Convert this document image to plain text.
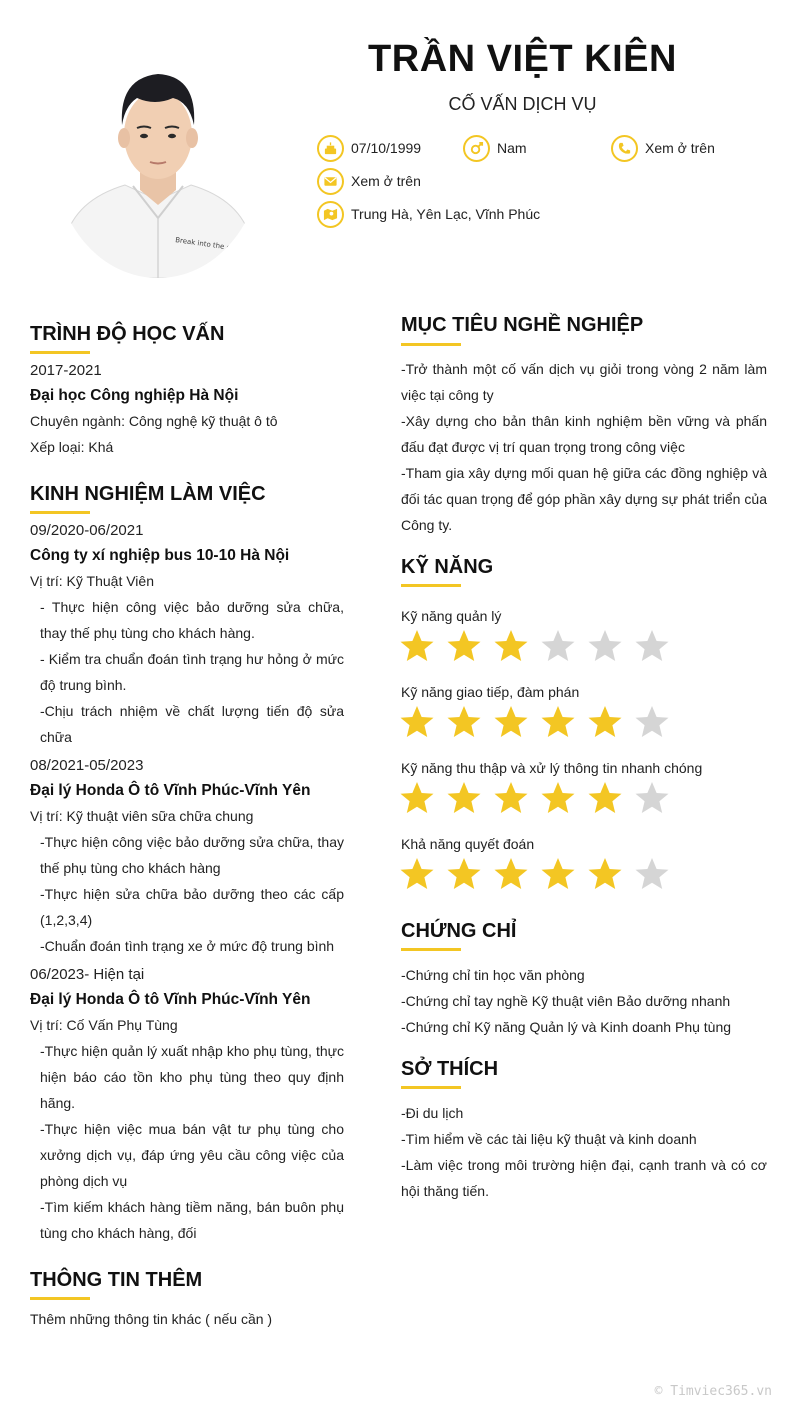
Break into the city
TRẦN VIỆT KIÊN
CỐ VẤN DỊCH VỤ
07/10/1999	Nam	Xem ở trên
Xem ở trên
Trung Hà, Yên Lạc, Vĩnh Phúc
TRÌNH ĐỘ HỌC VẤN
2017-2021
Đại học Công nghiệp Hà Nội
Chuyên ngành: Công nghệ kỹ thuật ô tô
Xếp loại: Khá
KINH NGHIỆM LÀM VIỆC
09/2020-06/2021
Công ty xí nghiệp bus 10-10 Hà Nội
Vị trí: Kỹ Thuật Viên
- Thực hiện công việc bảo dưỡng sửa chữa, thay thế phụ tùng cho khách hàng.
- Kiểm tra chuẩn đoán tình trạng hư hỏng ở mức độ trung bình.
-Chịu trách nhiệm về chất lượng tiến độ sửa chữa
08/2021-05/2023
Đại lý Honda Ô tô Vĩnh Phúc-Vĩnh Yên
Vị trí: Kỹ thuật viên sữa chữa chung
-Thực hiện công việc bảo dưỡng sửa chữa, thay thế phụ tùng cho khách hàng
-Thực hiện sửa chữa bảo dưỡng theo các cấp (1,2,3,4)
-Chuẩn đoán tình trạng xe ở mức độ trung bình
06/2023- Hiện tại
Đại lý Honda Ô tô Vĩnh Phúc-Vĩnh Yên
Vị trí: Cố Vấn Phụ Tùng
-Thực hiện quản lý xuất nhập kho phụ tùng, thực hiện báo cáo tồn kho phụ tùng theo quy định hãng.
-Thực hiện việc mua bán vật tư phụ tùng cho xưởng dịch vụ, đáp ứng yêu cầu công việc của phòng dịch vụ
-Tìm kiếm khách hàng tiềm năng, bán buôn phụ tùng cho khách hàng, đối
THÔNG TIN THÊM
Thêm những thông tin khác ( nếu cần )
MỤC TIÊU NGHỀ NGHIỆP
-Trở thành một cố vấn dịch vụ giỏi trong vòng 2 năm làm việc tại công ty
-Xây dựng cho bản thân kinh nghiệm bền vững và phấn đấu đạt được vị trí quan trọng trong công việc
-Tham gia xây dựng mối quan hệ giữa các đồng nghiệp và đối tác quan trọng để góp phần xây dựng sự phát triển của Công ty.
KỸ NĂNG
Kỹ năng quản lý
Kỹ năng giao tiếp, đàm phán
Kỹ năng thu thập và xử lý thông tin nhanh chóng
Khả năng quyết đoán
CHỨNG CHỈ
-Chứng chỉ tin học văn phòng
-Chứng chỉ tay nghề Kỹ thuật viên Bảo dưỡng nhanh
-Chứng chỉ Kỹ năng Quản lý và Kinh doanh Phụ tùng
SỞ THÍCH
-Đi du lịch
-Tìm hiểm về các tài liệu kỹ thuật và kinh doanh
-Làm việc trong môi trường hiện đại, cạnh tranh và có cơ hội thăng tiến.
© Timviec365.vn
